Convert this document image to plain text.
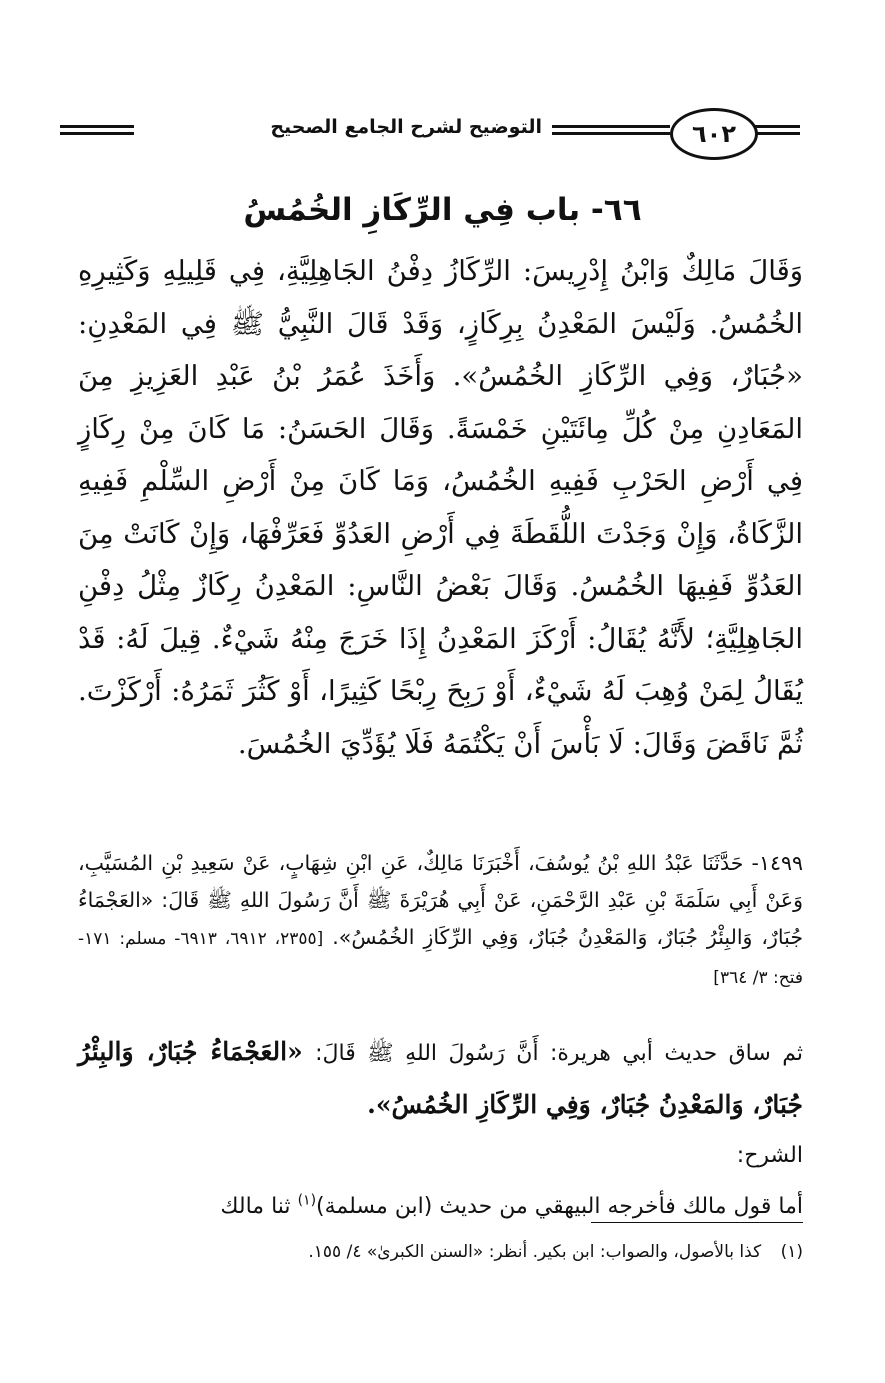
٦٠٢
التوضيح لشرح الجامع الصحيح
٦٦- باب فِي الرِّكَازِ الخُمُسُ

وَقَالَ مَالِكٌ وَابْنُ إِدْرِيسَ: الرِّكَازُ دِفْنُ الجَاهِلِيَّةِ، فِي قَلِيلِهِ وَكَثِيرِهِ الخُمُسُ. وَلَيْسَ المَعْدِنُ بِرِكَازٍ، وَقَدْ قَالَ النَّبِيُّ ﷺ فِي المَعْدِنِ: «جُبَارٌ، وَفِي الرِّكَازِ الخُمُسُ». وَأَخَذَ عُمَرُ بْنُ عَبْدِ العَزِيزِ مِنَ المَعَادِنِ مِنْ كُلِّ مِائَتَيْنِ خَمْسَةً. وَقَالَ الحَسَنُ: مَا كَانَ مِنْ رِكَازٍ فِي أَرْضِ الحَرْبِ فَفِيهِ الخُمُسُ، وَمَا كَانَ مِنْ أَرْضِ السِّلْمِ فَفِيهِ الزَّكَاةُ، وَإِنْ وَجَدْتَ اللُّقَطَةَ فِي أَرْضِ العَدُوِّ فَعَرِّفْهَا، وَإِنْ كَانَتْ مِنَ العَدُوِّ فَفِيهَا الخُمُسُ. وَقَالَ بَعْضُ النَّاسِ: المَعْدِنُ رِكَازٌ مِثْلُ دِفْنِ الجَاهِلِيَّةِ؛ لأَنَّهُ يُقَالُ: أَرْكَزَ المَعْدِنُ إِذَا خَرَجَ مِنْهُ شَيْءٌ. قِيلَ لَهُ: قَدْ يُقَالُ لِمَنْ وُهِبَ لَهُ شَيْءٌ، أَوْ رَبِحَ رِبْحًا كَثِيرًا، أَوْ كَثُرَ ثَمَرُهُ: أَرْكَزْتَ. ثُمَّ نَاقَضَ وَقَالَ: لَا بَأْسَ أَنْ يَكْتُمَهُ فَلَا يُؤَدِّيَ الخُمُسَ.

١٤٩٩- حَدَّثَنَا عَبْدُ اللهِ بْنُ يُوسُفَ، أَخْبَرَنَا مَالِكٌ، عَنِ ابْنِ شِهَابٍ، عَنْ سَعِيدِ بْنِ المُسَيَّبِ، وَعَنْ أَبِي سَلَمَةَ بْنِ عَبْدِ الرَّحْمَنِ، عَنْ أَبِي هُرَيْرَةَ ﷺ أَنَّ رَسُولَ اللهِ ﷺ قَالَ: «العَجْمَاءُ جُبَارٌ، وَالبِئْرُ جُبَارٌ، وَالمَعْدِنُ جُبَارٌ، وَفِي الرِّكَازِ الخُمُسُ». [٢٣٥٥، ٦٩١٢، ٦٩١٣- مسلم: ١٧١- فتح: ٣/ ٣٦٤]

ثم ساق حديث أبي هريرة: أَنَّ رَسُولَ اللهِ ﷺ قَالَ: «العَجْمَاءُ جُبَارٌ، وَالبِئْرُ جُبَارٌ، وَالمَعْدِنُ جُبَارٌ، وَفِي الرِّكَازِ الخُمُسُ».

الشرح:

أما قول مالك فأخرجه البيهقي من حديث (ابن مسلمة)$^{(١)}$ ثنا مالك

(١) كذا بالأصول، والصواب: ابن بكير. أنظر: «السنن الكبرىٰ» ٤/ ١٥٥.
